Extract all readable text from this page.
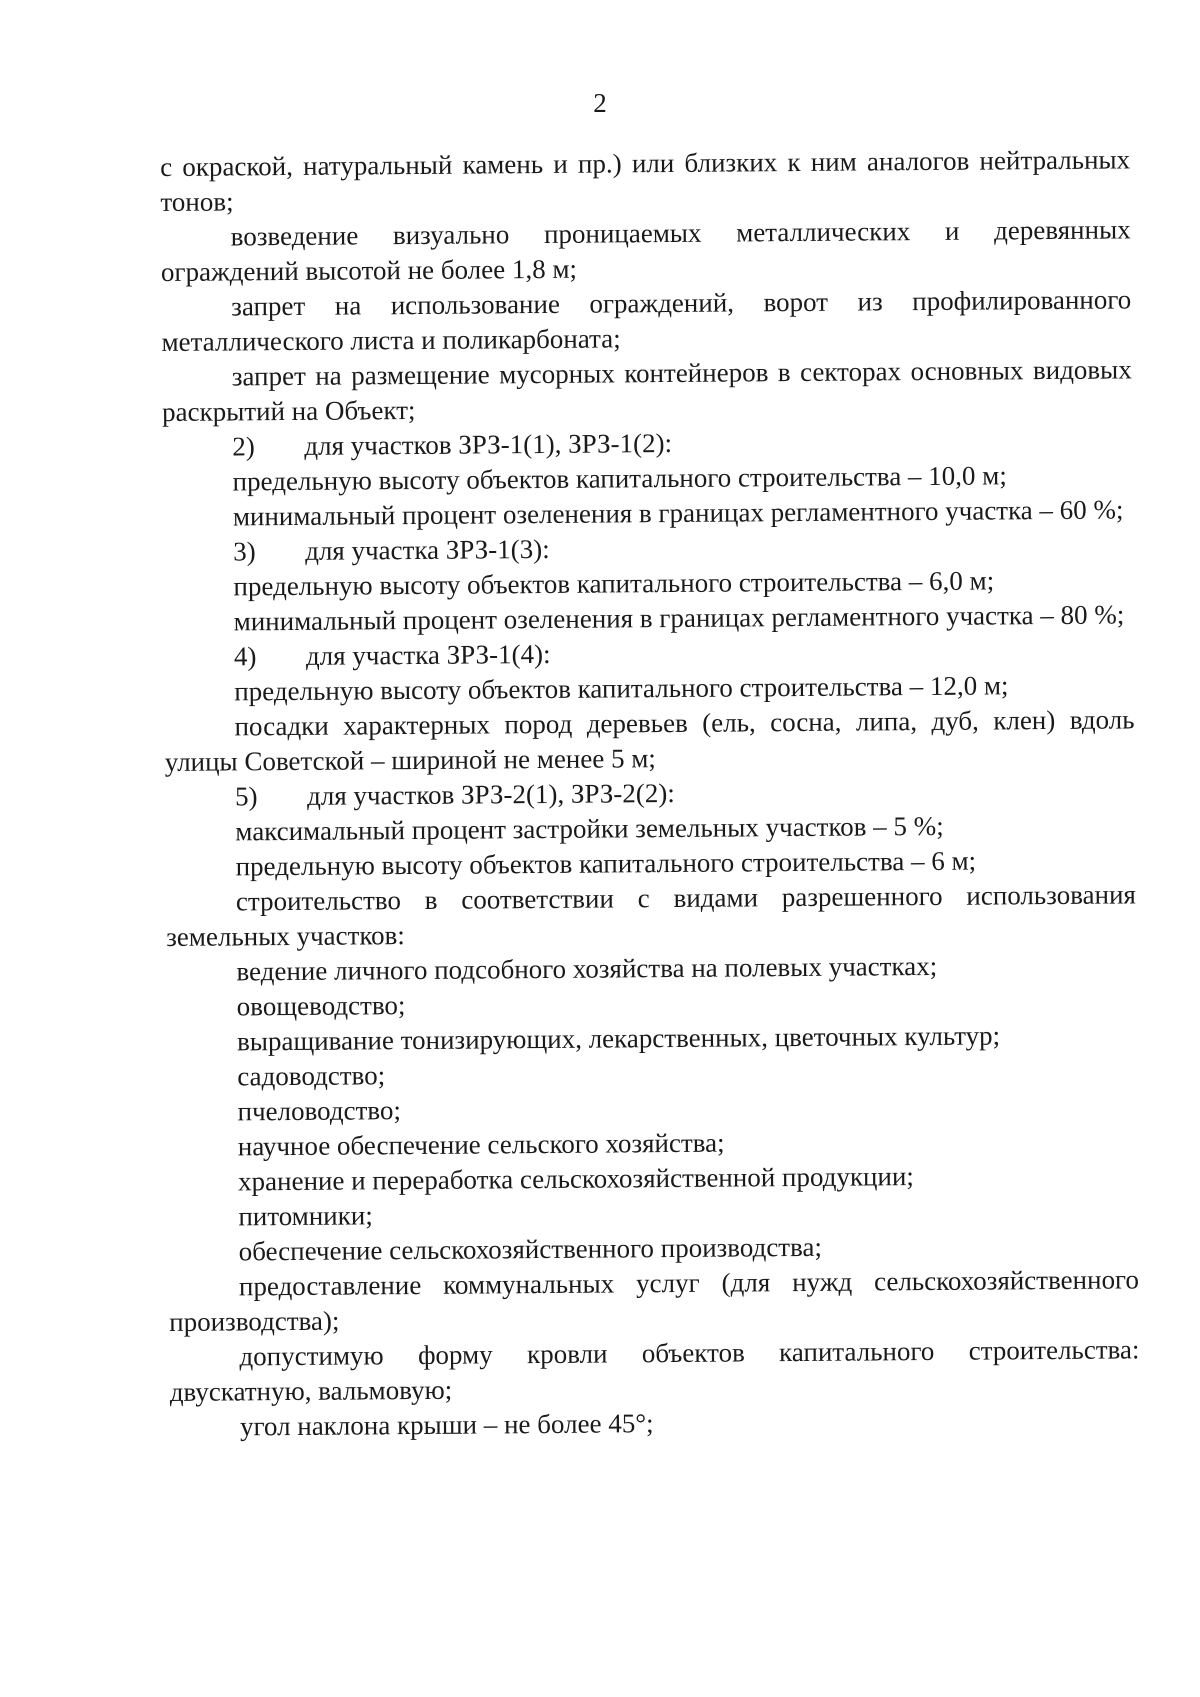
2

с окраской, натуральный камень и пр.) или близких к ним аналогов нейтральных тонов;

возведение визуально проницаемых металлических и деревянных ограждений высотой не более 1,8 м;

запрет на использование ограждений, ворот из профилированного металлического листа и поликарбоната;

запрет на размещение мусорных контейнеров в секторах основных видовых раскрытий на Объект;

2)	для участков ЗРЗ-1(1), ЗРЗ-1(2):

предельную высоту объектов капитального строительства – 10,0 м;

минимальный процент озеленения в границах регламентного участка – 60 %;

3)	для участка ЗРЗ-1(3):

предельную высоту объектов капитального строительства – 6,0 м;

минимальный процент озеленения в границах регламентного участка – 80 %;

4)	для участка ЗРЗ-1(4):

предельную высоту объектов капитального строительства – 12,0 м;

посадки характерных пород деревьев (ель, сосна, липа, дуб, клен) вдоль улицы Советской – шириной не менее 5 м;

5)	для участков ЗРЗ-2(1), ЗРЗ-2(2):

максимальный процент застройки земельных участков – 5 %;

предельную высоту объектов капитального строительства – 6 м;

строительство в соответствии с видами разрешенного использования земельных участков:

ведение личного подсобного хозяйства на полевых участках;

овощеводство;

выращивание тонизирующих, лекарственных, цветочных культур;

садоводство;

пчеловодство;

научное обеспечение сельского хозяйства;

хранение и переработка сельскохозяйственной продукции;

питомники;

обеспечение сельскохозяйственного производства;

предоставление коммунальных услуг (для нужд сельскохозяйственного производства);

допустимую форму кровли объектов капитального строительства: двускатную, вальмовую;

угол наклона крыши – не более 45°;
